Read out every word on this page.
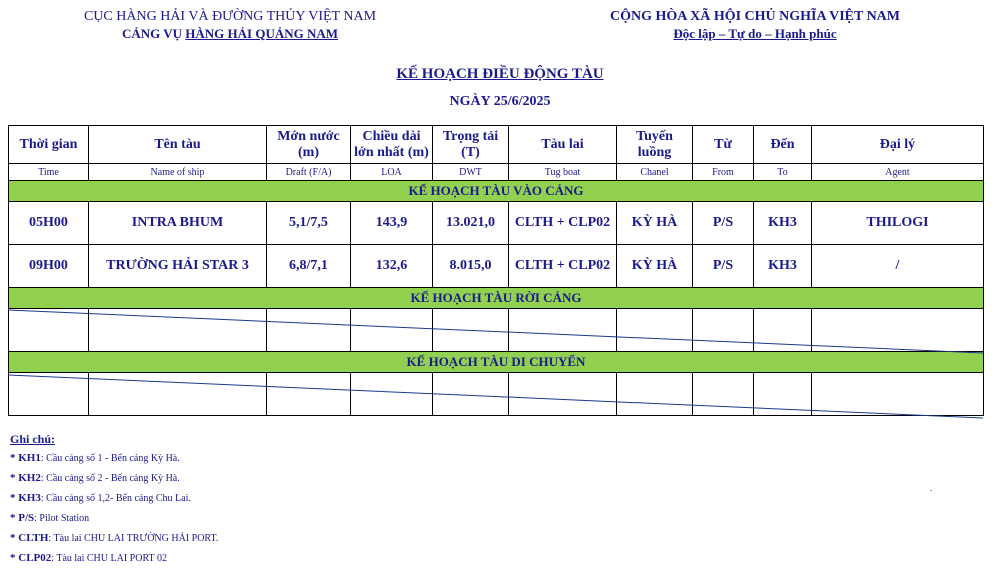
CỤC HÀNG HẢI VÀ ĐƯỜNG THỦY VIỆT NAM
CẢNG VỤ HÀNG HẢI QUẢNG NAM
CỘNG HÒA XÃ HỘI CHỦ NGHĨA VIỆT NAM
Độc lập – Tự do – Hạnh phúc
KẾ HOẠCH ĐIỀU ĐỘNG TÀU
NGÀY 25/6/2025
Thời gian	Tên tàu	Mớn nước (m)	Chiều dài lớn nhất (m)	Trọng tải (T)	Tàu lai	Tuyến luồng	Từ	Đến	Đại lý
Time	Name of ship	Draft (F/A)	LOA	DWT	Tug boat	Chanel	From	To	Agent
KẾ HOẠCH TÀU VÀO CẢNG									
05H00	INTRA BHUM	5,1/7,5	143,9	13.021,0	CLTH + CLP02	KỲ HÀ	P/S	KH3	THILOGI
09H00	TRƯỜNG HẢI STAR 3	6,8/7,1	132,6	8.015,0	CLTH + CLP02	KỲ HÀ	P/S	KH3	/
KẾ HOẠCH TÀU RỜI CẢNG									

KẾ HOẠCH TÀU DI CHUYỂN									

Ghi chú:
* KH1: Cầu cảng số 1 - Bến cảng Kỳ Hà.
* KH2: Cầu cảng số 2 - Bến cảng Kỳ Hà.
* KH3: Cầu cảng số 1,2- Bến cảng Chu Lai.
* P/S: Pilot Station
* CLTH: Tàu lai CHU LAI TRƯỜNG HẢI PORT.
* CLP02: Tàu lai CHU LAI PORT 02
.
